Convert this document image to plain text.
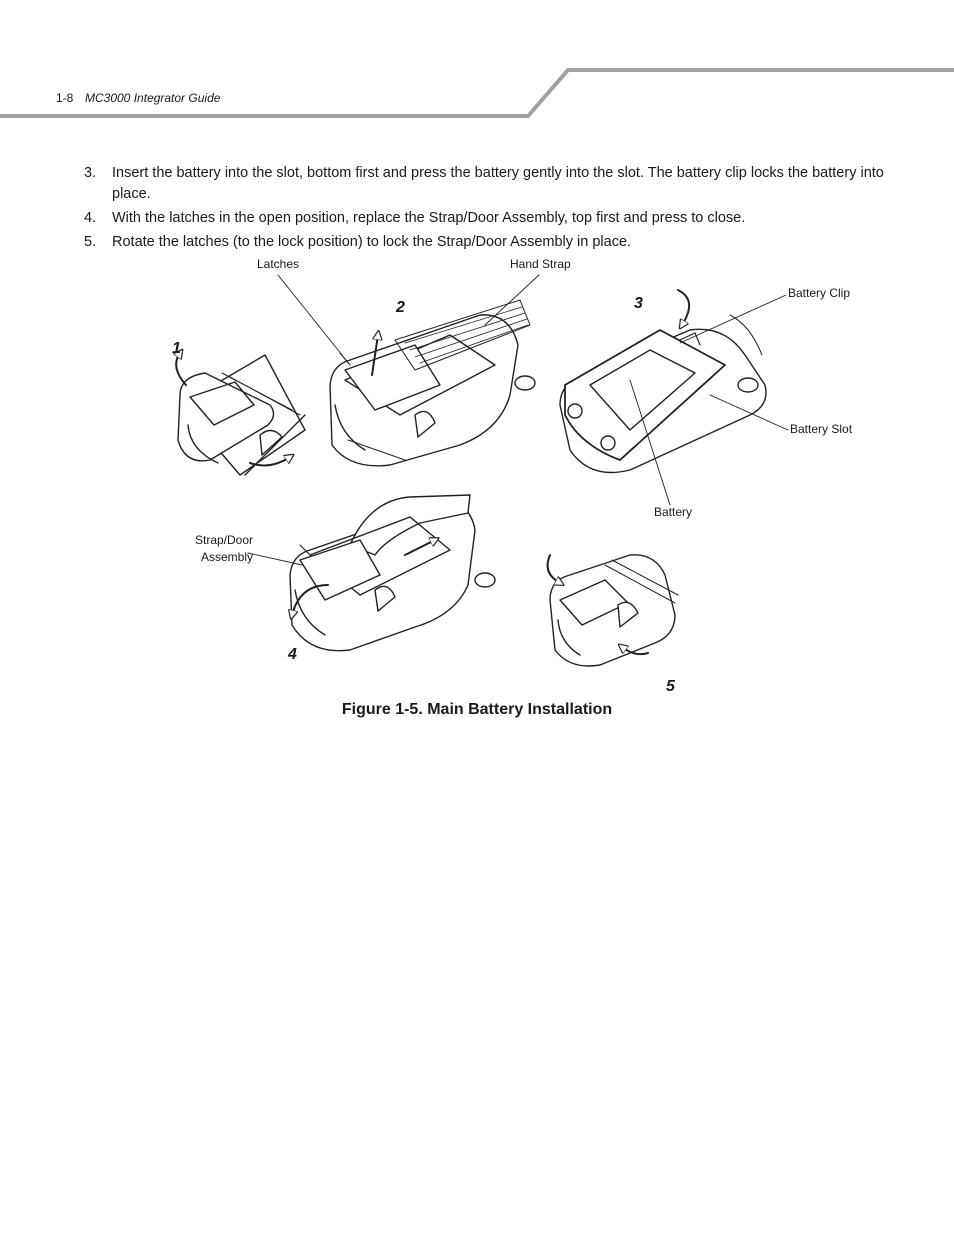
1-8 MC3000 Integrator Guide
3. Insert the battery into the slot, bottom first and press the battery gently into the slot. The battery clip locks the battery into place.
4. With the latches in the open position, replace the Strap/Door Assembly, top first and press to close.
5. Rotate the latches (to the lock position) to lock the Strap/Door Assembly in place.
Latches	Hand Strap
Battery Clip
Battery Slot
Battery
Strap/Door
Assembly
1
2	3
4
5
Figure 1-5. Main Battery Installation
